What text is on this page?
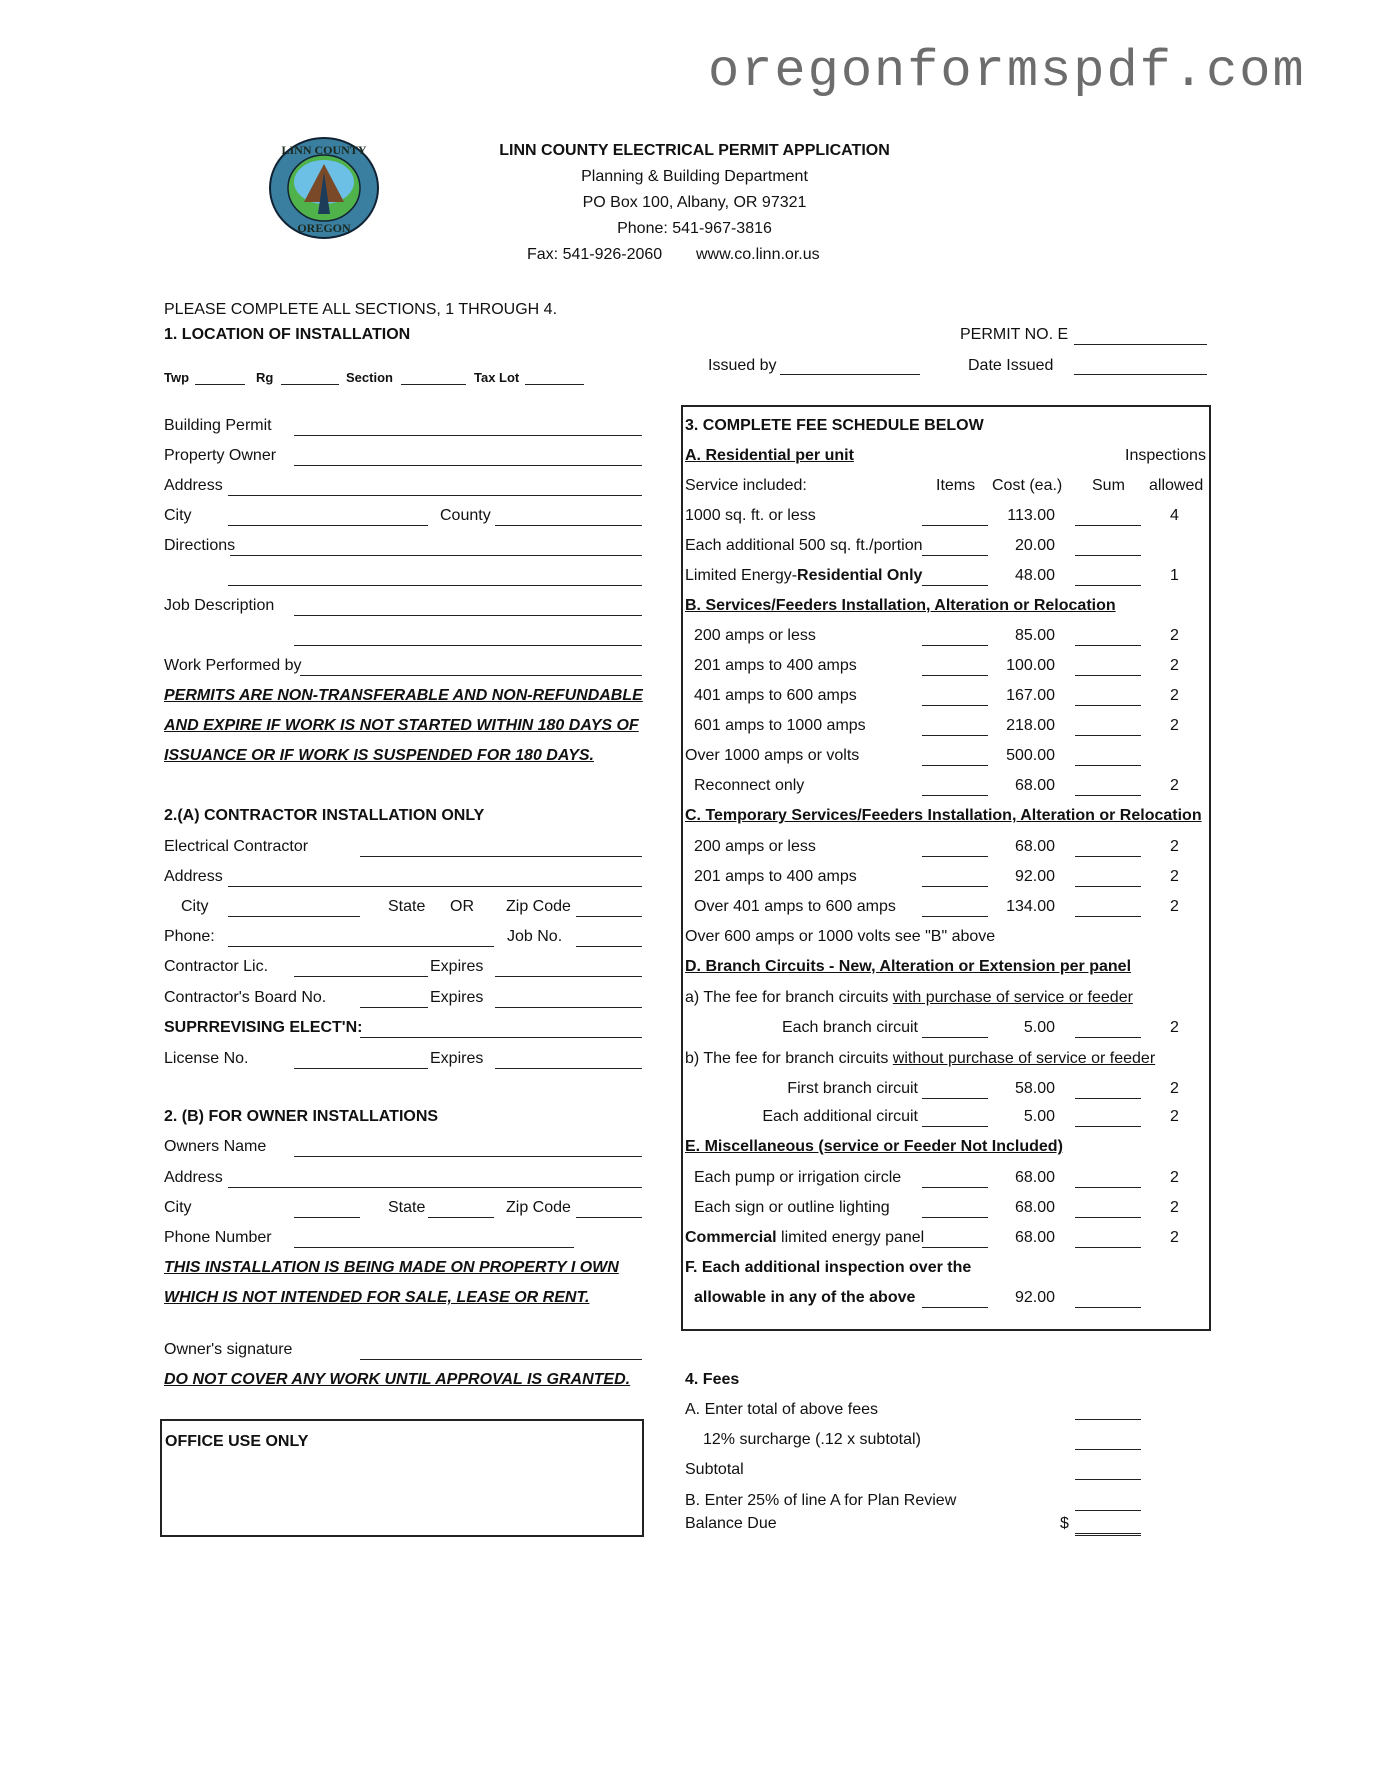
oregonformspdf.com
LINN COUNTY
OREGON
LINN COUNTY ELECTRICAL PERMIT APPLICATION
Planning & Building Department
PO Box 100, Albany, OR 97321
Phone: 541-967-3816
Fax: 541-926-2060 www.co.linn.or.us
PLEASE COMPLETE ALL SECTIONS, 1 THROUGH 4.
1. LOCATION OF INSTALLATION	PERMIT NO. E
Issued by	Date Issued
Twp	Rg	Section	Tax Lot
Building Permit
Property Owner
Address
City	County
Directions
Job Description
Work Performed by
PERMITS ARE NON-TRANSFERABLE AND NON-REFUNDABLE
AND EXPIRE IF WORK IS NOT STARTED WITHIN 180 DAYS OF
ISSUANCE OR IF WORK IS SUSPENDED FOR 180 DAYS.
2.(A) CONTRACTOR INSTALLATION ONLY
Electrical Contractor
Address
City	State OR Zip Code
Phone:	Job No.
Contractor Lic.	Expires
Contractor's Board No.	Expires
SUPRREVISING ELECT'N:
License No.	Expires
2. (B) FOR OWNER INSTALLATIONS
Owners Name
Address
City	State	Zip Code
Phone Number
THIS INSTALLATION IS BEING MADE ON PROPERTY I OWN
WHICH IS NOT INTENDED FOR SALE, LEASE OR RENT.
Owner's signature
DO NOT COVER ANY WORK UNTIL APPROVAL IS GRANTED.
OFFICE USE ONLY
3. COMPLETE FEE SCHEDULE BELOW
A. Residential per unit	Inspections
Service included:	Items Cost (ea.) Sum allowed
1000 sq. ft. or less	113.00	4
Each additional 500 sq. ft./portion	20.00
Limited Energy-Residential Only	48.00	1
B. Services/Feeders Installation, Alteration or Relocation
200 amps or less	85.00	2
201 amps to 400 amps	100.00	2
401 amps to 600 amps	167.00	2
601 amps to 1000 amps	218.00	2
Over 1000 amps or volts	500.00
Reconnect only	68.00	2
C. Temporary Services/Feeders Installation, Alteration or Relocation
200 amps or less	68.00	2
201 amps to 400 amps	92.00	2
Over 401 amps to 600 amps	134.00	2
Over 600 amps or 1000 volts see "B" above
D. Branch Circuits - New, Alteration or Extension per panel
a) The fee for branch circuits with purchase of service or feeder
Each branch circuit	5.00	2
b) The fee for branch circuits without purchase of service or feeder
First branch circuit	58.00	2
Each additional circuit	5.00	2
E. Miscellaneous (service or Feeder Not Included)
Each pump or irrigation circle	68.00	2
Each sign or outline lighting	68.00	2
Commercial limited energy panel	68.00	2
F. Each additional inspection over the
allowable in any of the above	92.00
4. Fees
A. Enter total of above fees
12% surcharge (.12 x subtotal)
Subtotal
B. Enter 25% of line A for Plan Review
Balance Due	$
